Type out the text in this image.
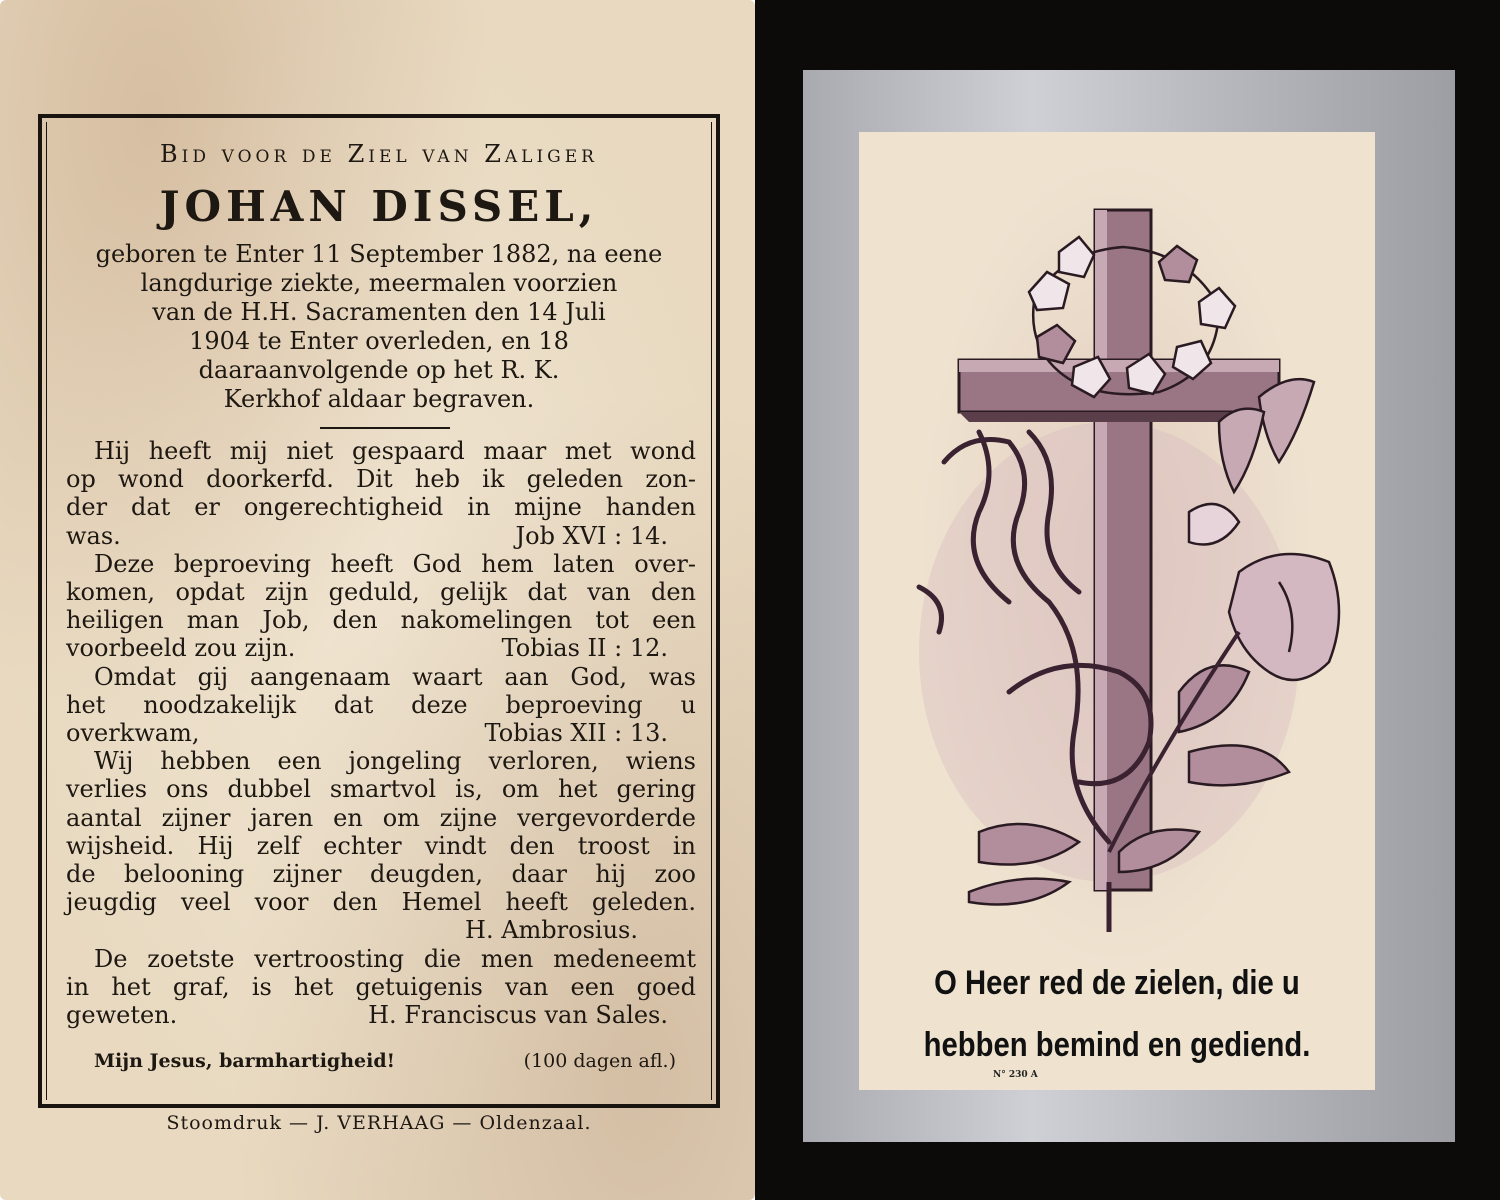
Bid voor de Ziel van Zaliger
JOHAN DISSEL,
geboren te Enter 11 September 1882, na eene
langdurige ziekte, meermalen voorzien
van de H.H. Sacramenten den 14 Juli
1904 te Enter overleden, en 18
daaraanvolgende op het R. K.
Kerkhof aldaar begraven.
Hij heeft mij niet gespaard maar met wond
op wond doorkerfd. Dit heb ik geleden zon-
der dat er ongerechtigheid in mijne handen
was.	Job XVI : 14.
Deze beproeving heeft God hem laten over-
komen, opdat zijn geduld, gelijk dat van den
heiligen man Job, den nakomelingen tot een
voorbeeld zou zijn.	Tobias II : 12.
Omdat gij aangenaam waart aan God, was
het noodzakelijk dat deze beproeving u
overkwam,	Tobias XII : 13.
Wij hebben een jongeling verloren, wiens
verlies ons dubbel smartvol is, om het gering
aantal zijner jaren en om zijne vergevorderde
wijsheid. Hij zelf echter vindt den troost in
de belooning zijner deugden, daar hij zoo
jeugdig veel voor den Hemel heeft geleden.
H. Ambrosius.
De zoetste vertroosting die men medeneemt
in het graf, is het getuigenis van een goed
geweten.	H. Franciscus van Sales.
Mijn Jesus, barmhartigheid!	(100 dagen afl.)
Stoomdruk — J. VERHAAG — Oldenzaal.
O Heer red de zielen, die u
hebben bemind en gediend.
N° 230 A
